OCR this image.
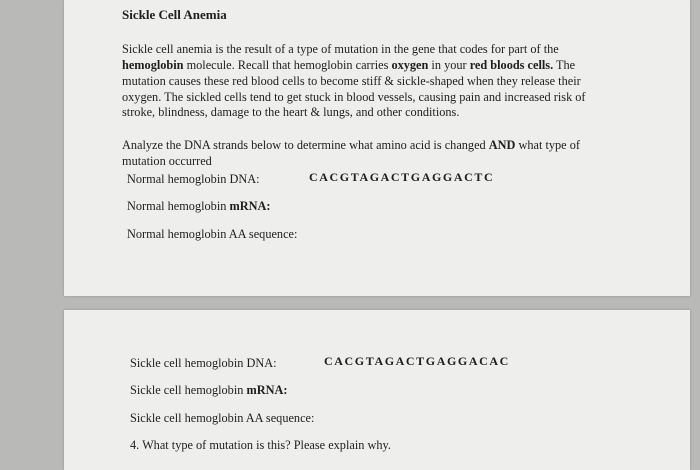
Sickle Cell Anemia
Sickle cell anemia is the result of a type of mutation in the gene that codes for part of the
hemoglobin molecule. Recall that hemoglobin carries oxygen in your red bloods cells. The
mutation causes these red blood cells to become stiff & sickle-shaped when they release their
oxygen. The sickled cells tend to get stuck in blood vessels, causing pain and increased risk of
stroke, blindness, damage to the heart & lungs, and other conditions.
Analyze the DNA strands below to determine what amino acid is changed AND what type of
mutation occurred
Normal hemoglobin DNA:	CACGTAGACTGAGGACTC
Normal hemoglobin mRNA:
Normal hemoglobin AA sequence:
Sickle cell hemoglobin DNA:	CACGTAGACTGAGGACAC
Sickle cell hemoglobin mRNA:
Sickle cell hemoglobin AA sequence:
4. What type of mutation is this? Please explain why.
